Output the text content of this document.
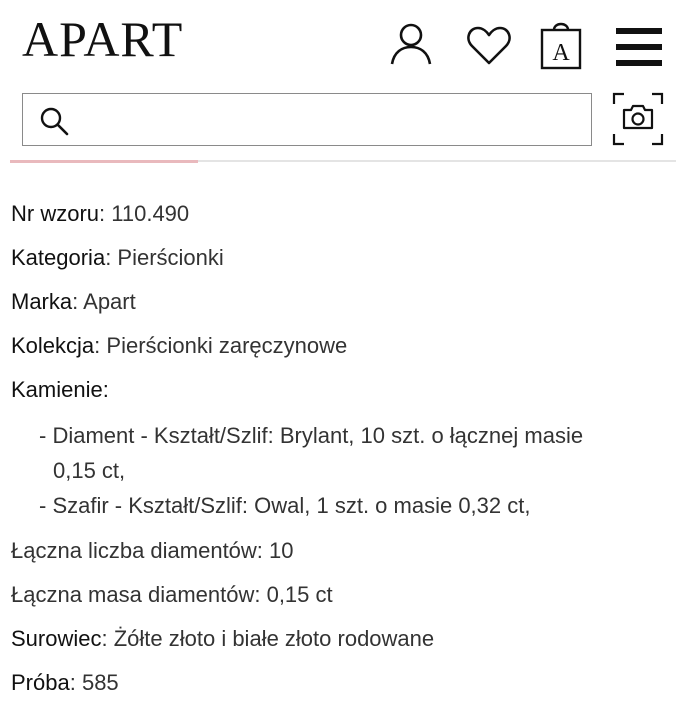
APART	A
Nr wzoru: 110.490
Kategoria: Pierścionki
Marka: Apart
Kolekcja: Pierścionki zaręczynowe
Kamienie:
- Diament - Kształt/Szlif: Brylant, 10 szt. o łącznej masie
0,15 ct,
- Szafir - Kształt/Szlif: Owal, 1 szt. o masie 0,32 ct,
Łączna liczba diamentów: 10
Łączna masa diamentów: 0,15 ct
Surowiec: Żółte złoto i białe złoto rodowane
Próba: 585
